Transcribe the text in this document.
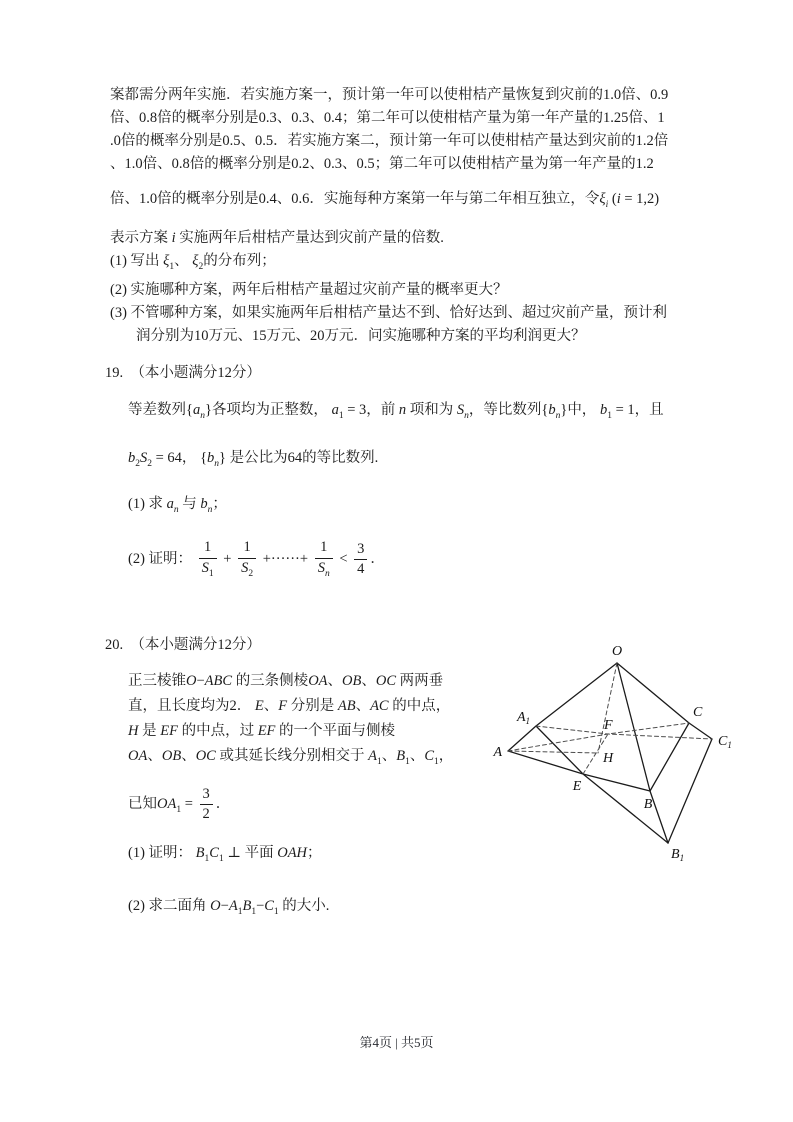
案都需分两年实施．若实施方案一，预计第一年可以使柑桔产量恢复到灾前的1.0倍、0.9
倍、0.8倍的概率分别是0.3、0.3、0.4；第二年可以使柑桔产量为第一年产量的1.25倍、1
.0倍的概率分别是0.5、0.5．若实施方案二，预计第一年可以使柑桔产量达到灾前的1.2倍
、1.0倍、0.8倍的概率分别是0.2、0.3、0.5；第二年可以使柑桔产量为第一年产量的1.2
倍、1.0倍的概率分别是0.4、0.6．实施每种方案第一年与第二年相互独立，令$\xi_i$ (i = 1,2)
表示方案 i 实施两年后柑桔产量达到灾前产量的倍数.
(1) 写出 $\xi_1$、 $\xi_2$的分布列；
(2) 实施哪种方案，两年后柑桔产量超过灾前产量的概率更大？
(3) 不管哪种方案，如果实施两年后柑桔产量达不到、恰好达到、超过灾前产量，预计利
润分别为10万元、15万元、20万元．问实施哪种方案的平均利润更大？
19.  （本小题满分12分）
等差数列$\{a_n\}$各项均为正整数， $a_1 = 3$，前 n 项和为 $S_n$，等比数列$\{b_n\}$中， $b_1 = 1$，且
$b_2S_2 = 64$， $\{b_n\}$ 是公比为64的等比数列.
(1) 求 $a_n$ 与 $b_n$；
(2) 证明： $\frac{1}{S_1} + \frac{1}{S_2}$ +······+ $\frac{1}{S_n} < \frac{3}{4}$ ．
20.  （本小题满分12分）
正三棱锥O−ABC 的三条侧棱OA、OB、OC 两两垂
直，且长度均为2． E、F 分别是 AB、AC 的中点，
H 是 EF 的中点，过 EF 的一个平面与侧棱
OA、OB、OC 或其延长线分别相交于 $A_1$、$B_1$、$C_1$，
已知$OA_1 = \frac{3}{2}$ ．
(1) 证明： $B_1C_1$ ⊥ 平面 OAH；
(2) 求二面角 $O-A_1B_1-C_1$ 的大小.
O
$A_1$
A
C
$C_1$
F
H
E
B
$B_1$
第4页 | 共5页
